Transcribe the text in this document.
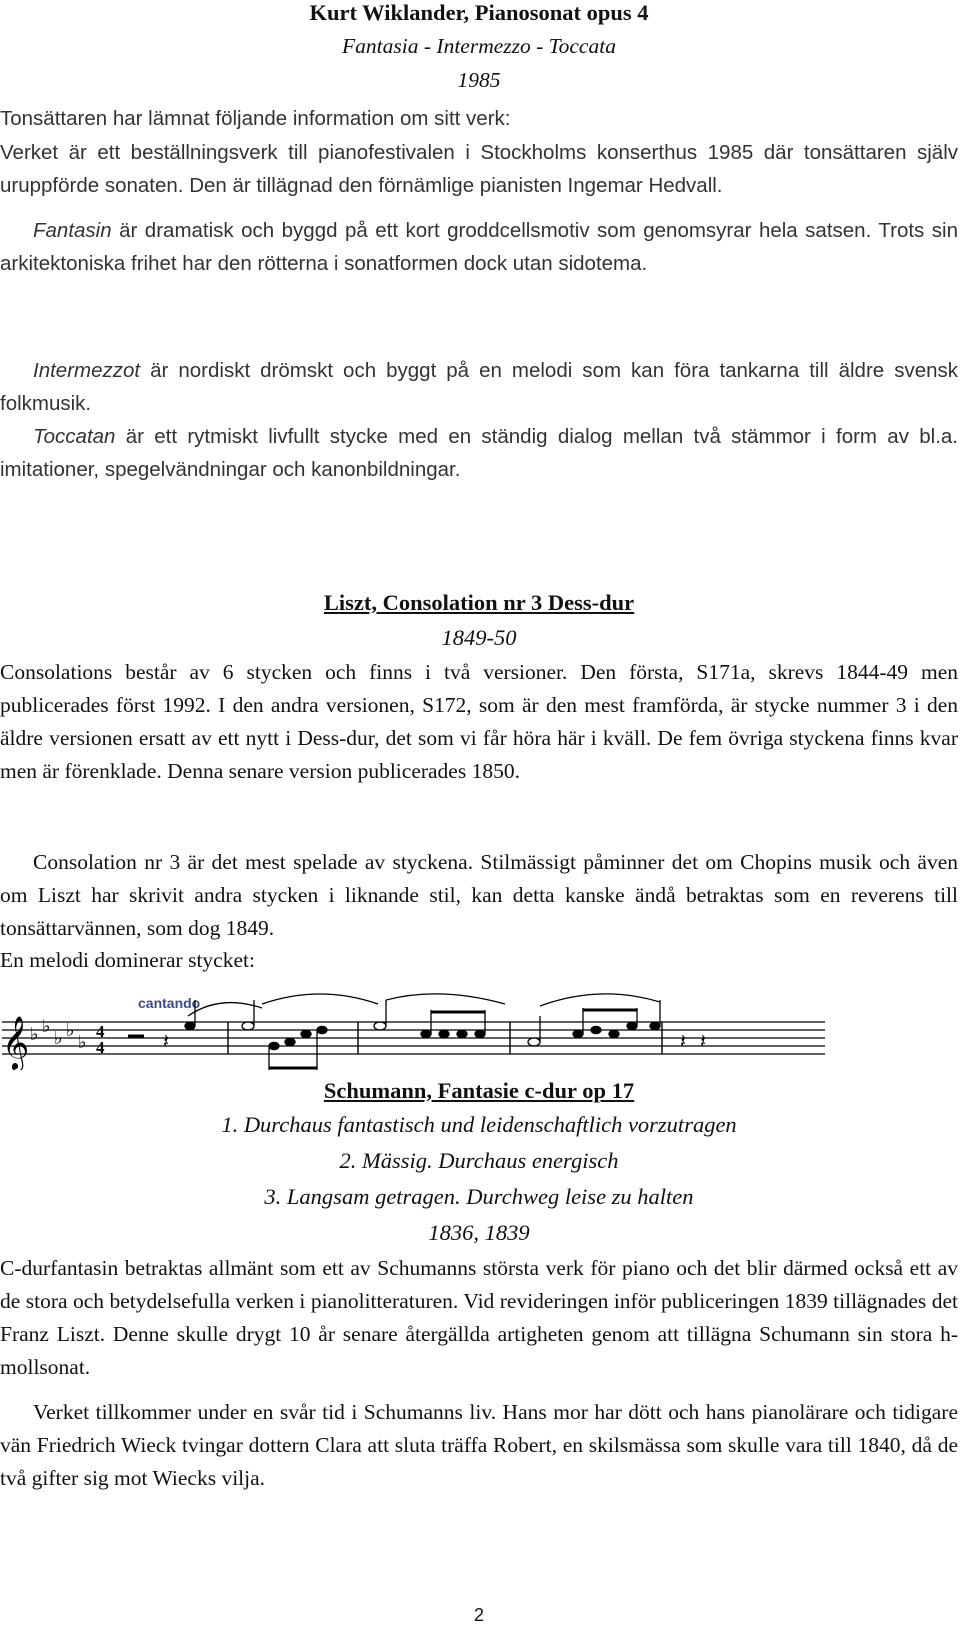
Kurt Wiklander, Pianosonat opus 4
Fantasia - Intermezzo - Toccata
1985
Tonsättaren har lämnat följande information om sitt verk:
Verket är ett beställningsverk till pianofestivalen i Stockholms konserthus 1985 där tonsättaren själv uruppförde sonaten. Den är tillägnad den förnämlige pianisten Ingemar Hedvall.
Fantasin är dramatisk och byggd på ett kort groddcellsmotiv som genomsyrar hela satsen. Trots sin arkitektoniska frihet har den rötterna i sonatformen dock utan sidotema.
Intermezzot är nordiskt drömskt och byggt på en melodi som kan föra tankarna till äldre svensk folkmusik.
Toccatan är ett rytmiskt livfullt stycke med en ständig dialog mellan två stämmor i form av bl.a. imitationer, spegelvändningar och kanonbildningar.
Liszt, Consolation nr 3 Dess-dur
1849-50
Consolations består av 6 stycken och finns i två versioner. Den första, S171a, skrevs 1844-49 men publicerades först 1992. I den andra versionen, S172, som är den mest framförda, är stycke nummer 3 i den äldre versionen ersatt av ett nytt i Dess-dur, det som vi får höra här i kväll. De fem övriga styckena finns kvar men är förenklade. Denna senare version publicerades 1850.
Consolation nr 3 är det mest spelade av styckena. Stilmässigt påminner det om Chopins musik och även om Liszt har skrivit andra stycken i liknande stil, kan detta kanske ändå betraktas som en reverens till tonsättarvännen, som dog 1849.
En melodi dominerar stycket:
cantando
𝄞 ♭ ♭
♭ ♭
♭
4
4	𝄽	𝄽 𝄽
Schumann, Fantasie c-dur op 17
1. Durchaus fantastisch und leidenschaftlich vorzutragen
2. Mässig. Durchaus energisch
3. Langsam getragen. Durchweg leise zu halten
1836, 1839
C-durfantasin betraktas allmänt som ett av Schumanns största verk för piano och det blir därmed också ett av de stora och betydelsefulla verken i pianolitteraturen. Vid revideringen inför publiceringen 1839 tillägnades det Franz Liszt. Denne skulle drygt 10 år senare återgällda artigheten genom att tillägna Schumann sin stora h-mollsonat.
Verket tillkommer under en svår tid i Schumanns liv. Hans mor har dött och hans pianolärare och tidigare vän Friedrich Wieck tvingar dottern Clara att sluta träffa Robert, en skilsmässa som skulle vara till 1840, då de två gifter sig mot Wiecks vilja.
2
